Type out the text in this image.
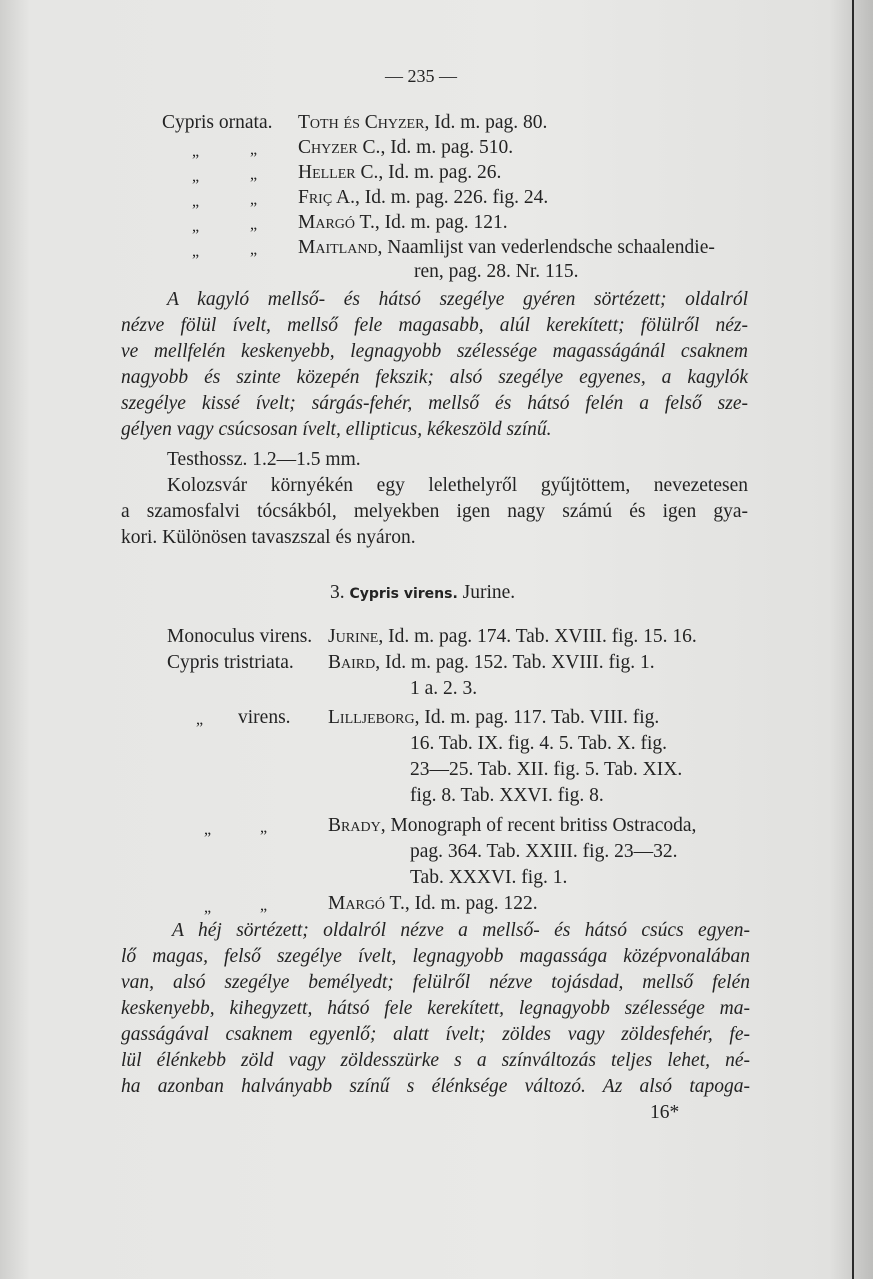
— 235 —
Cypris ornata. Toth és Chyzer, Id. m. pag. 80.
„	„ Chyzer C., Id. m. pag. 510.
„	„ Heller C., Id. m. pag. 26.
„	„ Friç A., Id. m. pag. 226. fig. 24.
„	„ Margó T., Id. m. pag. 121.
„	„ Maitland, Naamlijst van vederlendsche schaalendie-
ren, pag. 28. Nr. 115.
A kagyló mellső- és hátsó szegélye gyéren sörtézett; oldalról
nézve fölül ívelt, mellső fele magasabb, alúl kerekített; fölülről néz-
ve mellfelén keskenyebb, legnagyobb szélessége magasságánál csaknem
nagyobb és szinte közepén fekszik; alsó szegélye egyenes, a kagylók
szegélye kissé ívelt; sárgás-fehér, mellső és hátsó felén a felső sze-
gélyen vagy csúcsosan ívelt, ellipticus, kékeszöld színű.
Testhossz. 1.2—1.5 mm.
Kolozsvár környékén egy lelethelyről gyűjtöttem, nevezetesen
a szamosfalvi tócsákból, melyekben igen nagy számú és igen gya-
kori. Különösen tavaszszal és nyáron.
3. Cypris virens. Jurine.
Monoculus virens. Jurine, Id. m. pag. 174. Tab. XVIII. fig. 15. 16.
Cypris tristriata. Baird, Id. m. pag. 152. Tab. XVIII. fig. 1.
1 a. 2. 3.
„ virens. Lilljeborg, Id. m. pag. 117. Tab. VIII. fig.
16. Tab. IX. fig. 4. 5. Tab. X. fig.
23—25. Tab. XII. fig. 5. Tab. XIX.
fig. 8. Tab. XXVI. fig. 8.
„	„	Brady, Monograph of recent britiss Ostracoda,
pag. 364. Tab. XXIII. fig. 23—32.
Tab. XXXVI. fig. 1.
„	„	Margó T., Id. m. pag. 122.
A héj sörtézett; oldalról nézve a mellső- és hátsó csúcs egyen-
lő magas, felső szegélye ívelt, legnagyobb magassága középvonalában
van, alsó szegélye bemélyedt; felülről nézve tojásdad, mellső felén
keskenyebb, kihegyzett, hátsó fele kerekített, legnagyobb szélessége ma-
gasságával csaknem egyenlő; alatt ívelt; zöldes vagy zöldesfehér, fe-
lül élénkebb zöld vagy zöldesszürke s a színváltozás teljes lehet, né-
ha azonban halványabb színű s élénksége változó. Az alsó tapoga-
16*
